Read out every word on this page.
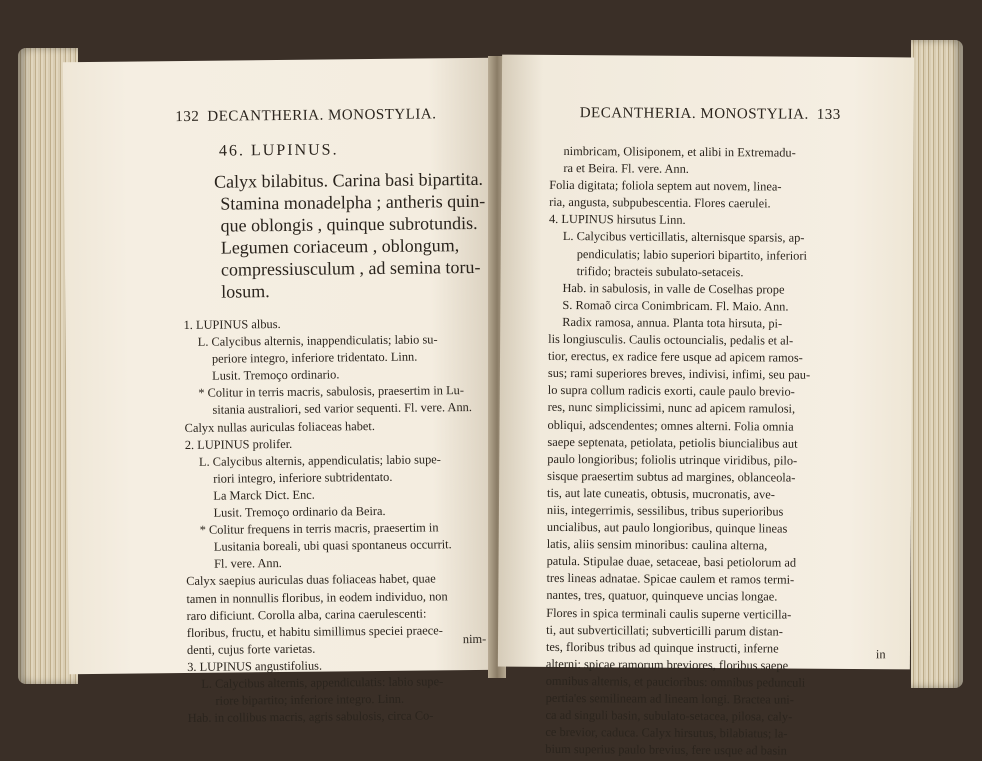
132 DECANTHERIA. MONOSTYLIA.
46. LUPINUS.
Calyx bilabitus. Carina basi bipartita.
Stamina monadelpha ; antheris quin-
que oblongis , quinque subrotundis.
Legumen coriaceum , oblongum,
compressiusculum , ad semina toru-
losum.
1. LUPINUS albus.
L. Calycibus alternis, inappendiculatis; labio su-
periore integro, inferiore tridentato. Linn.
Lusit. Tremoço ordinario.
* Colitur in terris macris, sabulosis, praesertim in Lu-
sitania australiori, sed varior sequenti. Fl. vere. Ann.
Calyx nullas auriculas foliaceas habet.
2. LUPINUS prolifer.
L. Calycibus alternis, appendiculatis; labio supe-
riori integro, inferiore subtridentato.
La Marck Dict. Enc.
Lusit. Tremoço ordinario da Beira.
* Colitur frequens in terris macris, praesertim in
Lusitania boreali, ubi quasi spontaneus occurrit.
Fl. vere. Ann.
Calyx saepius auriculas duas foliaceas habet, quae
tamen in nonnullis floribus, in eodem individuo, non
raro dificiunt. Corolla alba, carina caerulescenti:
floribus, fructu, et habitu simillimus speciei praece-
denti, cujus forte varietas.
3. LUPINUS angustifolius.
L. Calycibus alternis, appendiculatis: labio supe-
riore bipartito; inferiore integro. Linn.
Hab. in collibus macris, agris sabulosis, circa Co-
nim-
DECANTHERIA. MONOSTYLIA. 133
nimbricam, Olisiponem, et alibi in Extremadu-
ra et Beira. Fl. vere. Ann.
Folia digitata; foliola septem aut novem, linea-
ria, angusta, subpubescentia. Flores caerulei.
4. LUPINUS hirsutus Linn.
L. Calycibus verticillatis, alternisque sparsis, ap-
pendiculatis; labio superiori bipartito, inferiori
trifido; bracteis subulato-setaceis.
Hab. in sabulosis, in valle de Coselhas prope
S. Romaõ circa Conimbricam. Fl. Maio. Ann.
Radix ramosa, annua. Planta tota hirsuta, pi-
lis longiusculis. Caulis octouncialis, pedalis et al-
tior, erectus, ex radice fere usque ad apicem ramos-
sus; rami superiores breves, indivisi, infimi, seu pau-
lo supra collum radicis exorti, caule paulo brevio-
res, nunc simplicissimi, nunc ad apicem ramulosi,
obliqui, adscendentes; omnes alterni. Folia omnia
saepe septenata, petiolata, petiolis biuncialibus aut
paulo longioribus; foliolis utrinque viridibus, pilo-
sisque praesertim subtus ad margines, oblanceola-
tis, aut late cuneatis, obtusis, mucronatis, ave-
niis, integerrimis, sessilibus, tribus superioribus
uncialibus, aut paulo longioribus, quinque lineas
latis, aliis sensim minoribus: caulina alterna,
patula. Stipulae duae, setaceae, basi petiolorum ad
tres lineas adnatae. Spicae caulem et ramos termi-
nantes, tres, quatuor, quinqueve uncias longae.
Flores in spica terminali caulis superne verticilla-
ti, aut subverticillati; subverticilli parum distan-
tes, floribus tribus ad quinque instructi, inferne
alterni: spicae ramorum breviores, floribus saepe
omnibus alternis, et paucioribus: omnibus pedunculi
pertia'es semilineam ad lineam longi. Bractea uni-
ca ad singuli basin, subulato-setacea, pilosa, caly-
ce brevior, caduca. Calyx hirsutus, bilabiatus; la-
bium superius paulo brevius, fere usque ad basin
in
